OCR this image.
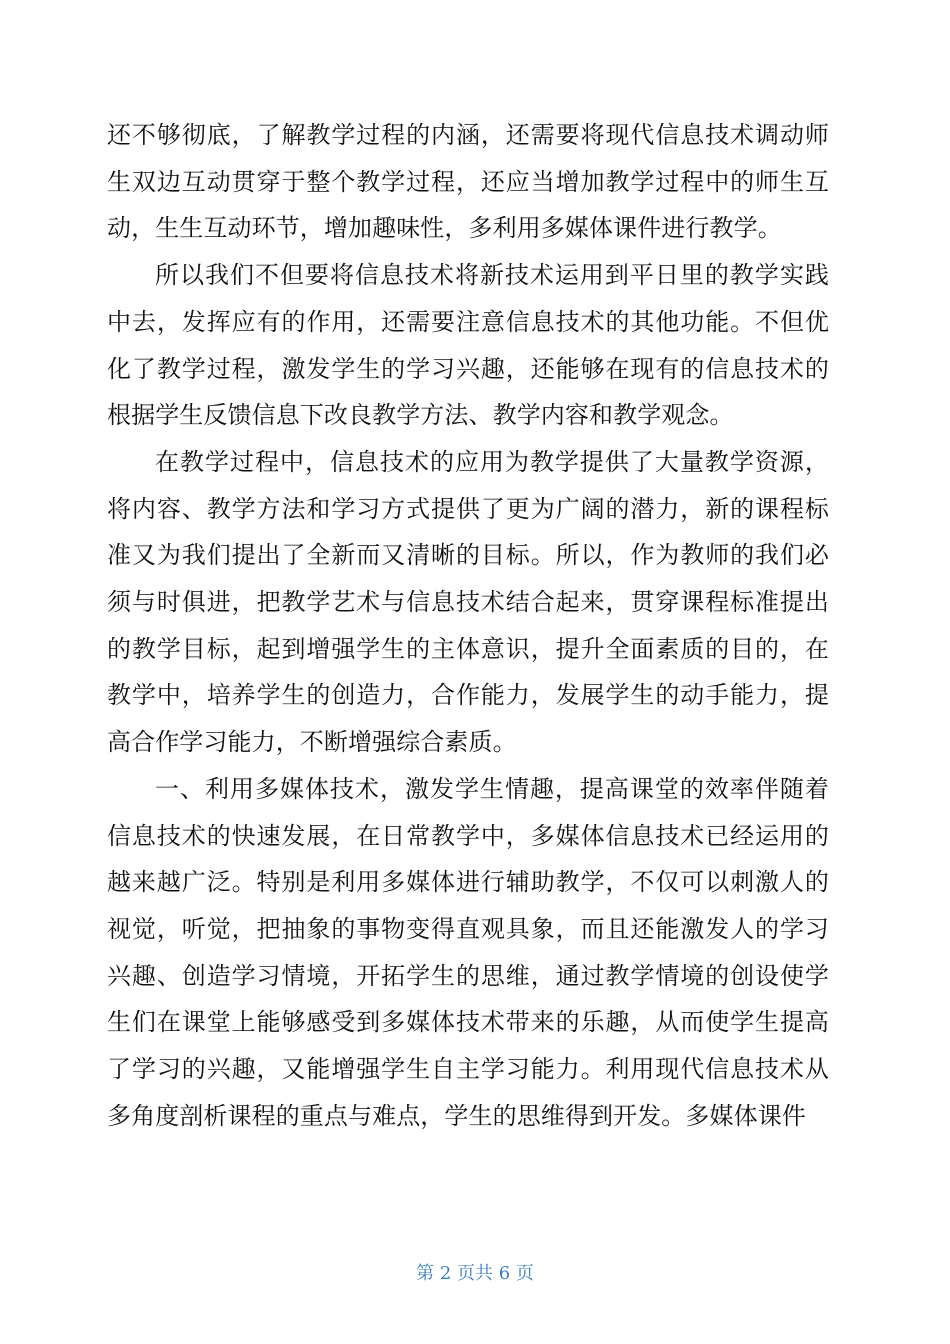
还不够彻底，了解教学过程的内涵，还需要将现代信息技术调动师生双边互动贯穿于整个教学过程，还应当增加教学过程中的师生互动，生生互动环节，增加趣味性，多利用多媒体课件进行教学。

所以我们不但要将信息技术将新技术运用到平日里的教学实践中去，发挥应有的作用，还需要注意信息技术的其他功能。不但优化了教学过程，激发学生的学习兴趣，还能够在现有的信息技术的根据学生反馈信息下改良教学方法、教学内容和教学观念。

在教学过程中，信息技术的应用为教学提供了大量教学资源，将内容、教学方法和学习方式提供了更为广阔的潜力，新的课程标准又为我们提出了全新而又清晰的目标。所以，作为教师的我们必须与时俱进，把教学艺术与信息技术结合起来，贯穿课程标准提出的教学目标，起到增强学生的主体意识，提升全面素质的目的，在教学中，培养学生的创造力，合作能力，发展学生的动手能力，提高合作学习能力，不断增强综合素质。

一、利用多媒体技术，激发学生情趣，提高课堂的效率伴随着信息技术的快速发展，在日常教学中，多媒体信息技术已经运用的越来越广泛。特别是利用多媒体进行辅助教学，不仅可以刺激人的视觉，听觉，把抽象的事物变得直观具象，而且还能激发人的学习兴趣、创造学习情境，开拓学生的思维，通过教学情境的创设使学生们在课堂上能够感受到多媒体技术带来的乐趣，从而使学生提高了学习的兴趣，又能增强学生自主学习能力。利用现代信息技术从多角度剖析课程的重点与难点，学生的思维得到开发。多媒体课件

第 2 页共 6 页
